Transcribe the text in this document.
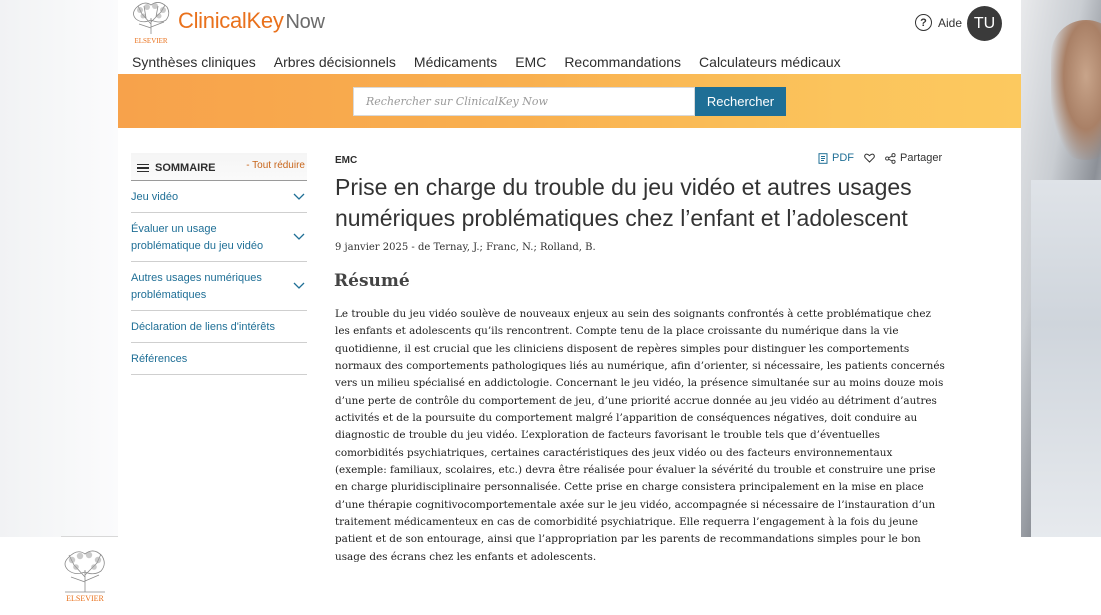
ELSEVIER
ClinicalKey Now	? Aide TU
Synthèses cliniques Arbres décisionnels Médicaments EMC Recommandations Calculateurs médicaux
Rechercher sur ClinicalKey Now	Rechercher
SOMMAIRE	- Tout réduire
Jeu vidéo
Évaluer un usage problématique du jeu vidéo
Autres usages numériques problématiques
Déclaration de liens d'intérêts
Références
EMC	PDF	Partager
Prise en charge du trouble du jeu vidéo et autres usages numériques problématiques chez l’enfant et l’adolescent
9 janvier 2025 - de Ternay, J.; Franc, N.; Rolland, B.
Résumé

Le trouble du jeu vidéo soulève de nouveaux enjeux au sein des soignants confrontés à cette problématique chez les enfants et adolescents qu’ils rencontrent. Compte tenu de la place croissante du numérique dans la vie quotidienne, il est crucial que les cliniciens disposent de repères simples pour distinguer les comportements normaux des comportements pathologiques liés au numérique, afin d’orienter, si nécessaire, les patients concernés vers un milieu spécialisé en addictologie. Concernant le jeu vidéo, la présence simultanée sur au moins douze mois d’une perte de contrôle du comportement de jeu, d’une priorité accrue donnée au jeu vidéo au détriment d’autres activités et de la poursuite du comportement malgré l’apparition de conséquences négatives, doit conduire au diagnostic de trouble du jeu vidéo. L’exploration de facteurs favorisant le trouble tels que d’éventuelles comorbidités psychiatriques, certaines caractéristiques des jeux vidéo ou des facteurs environnementaux (exemple: familiaux, scolaires, etc.) devra être réalisée pour évaluer la sévérité du trouble et construire une prise en charge pluridisciplinaire personnalisée. Cette prise en charge consistera principalement en la mise en place d’une thérapie cognitivocomportementale axée sur le jeu vidéo, accompagnée si nécessaire de l’instauration d’un traitement médicamenteux en cas de comorbidité psychiatrique. Elle requerra l’engagement à la fois du jeune patient et de son entourage, ainsi que l’appropriation par les parents de recommandations simples pour le bon usage des écrans chez les enfants et adolescents.

ELSEVIER
